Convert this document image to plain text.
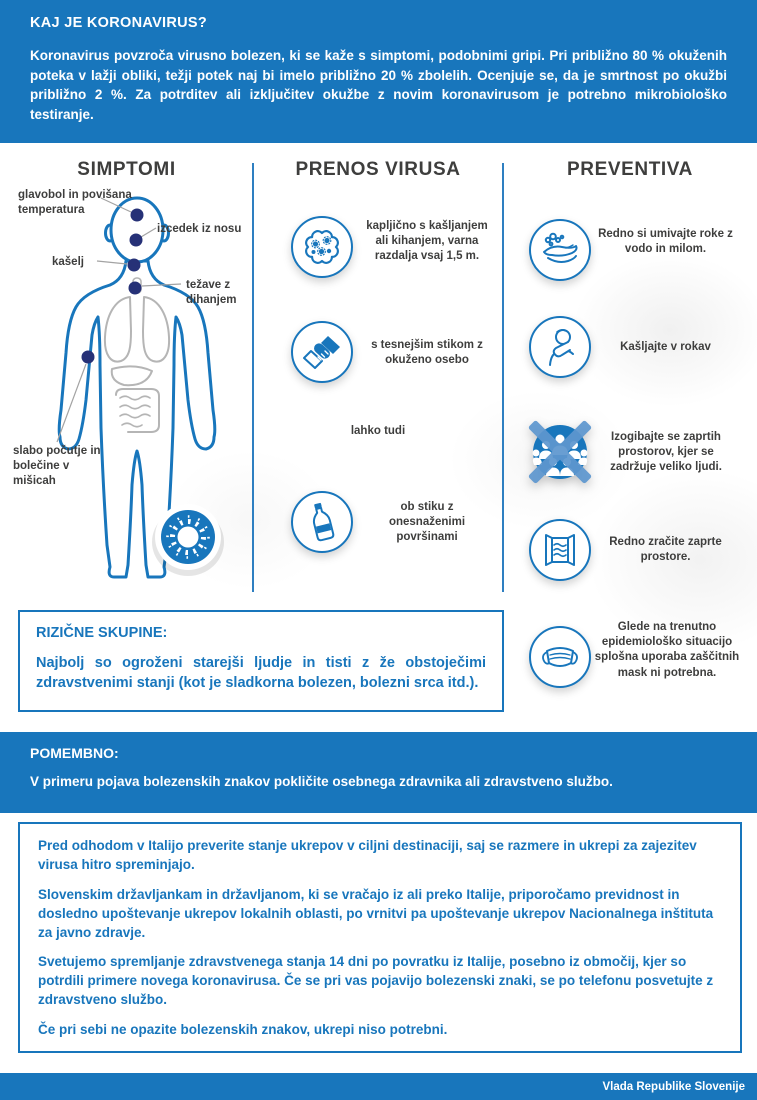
KAJ JE KORONAVIRUS?

Koronavirus povzroča virusno bolezen, ki se kaže s simptomi, podobnimi gripi. Pri približno 80 % okuženih poteka v lažji obliki, težji potek naj bi imelo približno 20 % zbolelih. Ocenjuje se, da je smrtnost po okužbi približno 2 %. Za potrditev ali izključitev okužbe z novim koronavirusom je potrebno mikrobiološko testiranje.

SIMPTOMI	PRENOS VIRUSA	PREVENTIVA
glavobol in povišana temperatura
izcedek iz nosu
kašelj
težave z dihanjem
slabo počutje in bolečine v mišicah
kapljično s kašljanjem ali kihanjem, varna razdalja vsaj 1,5 m.
s tesnejšim stikom z okuženo osebo
lahko tudi
ob stiku z onesnaženimi površinami
Redno si umivajte roke z vodo in milom.
Kašljajte v rokav
Izogibajte se zaprtih prostorov, kjer se zadržuje veliko ljudi.
Redno zračite zaprte prostore.
Glede na trenutno epidemiološko situacijo splošna uporaba zaščitnih mask ni potrebna.
RIZIČNE SKUPINE:

Najbolj so ogroženi starejši ljudje in tisti z že obstoječimi zdravstvenimi stanji (kot je sladkorna bolezen, bolezni srca itd.).

POMEMBNO:

V primeru pojava bolezenskih znakov pokličite osebnega zdravnika ali zdravstveno službo.

Pred odhodom v Italijo preverite stanje ukrepov v ciljni destinaciji, saj se razmere in ukrepi za zajezitev virusa hitro spreminjajo.

Slovenskim državljankam in državljanom, ki se vračajo iz ali preko Italije, priporočamo previdnost in dosledno upoštevanje ukrepov lokalnih oblasti, po vrnitvi pa upoštevanje ukrepov Nacionalnega inštituta za javno zdravje.

Svetujemo spremljanje zdravstvenega stanja 14 dni po povratku iz Italije, posebno iz območij, kjer so potrdili primere novega koronavirusa. Če se pri vas pojavijo bolezenski znaki, se po telefonu posvetujte z zdravstveno službo.

Če pri sebi ne opazite bolezenskih znakov, ukrepi niso potrebni.

Vlada Republike Slovenije
